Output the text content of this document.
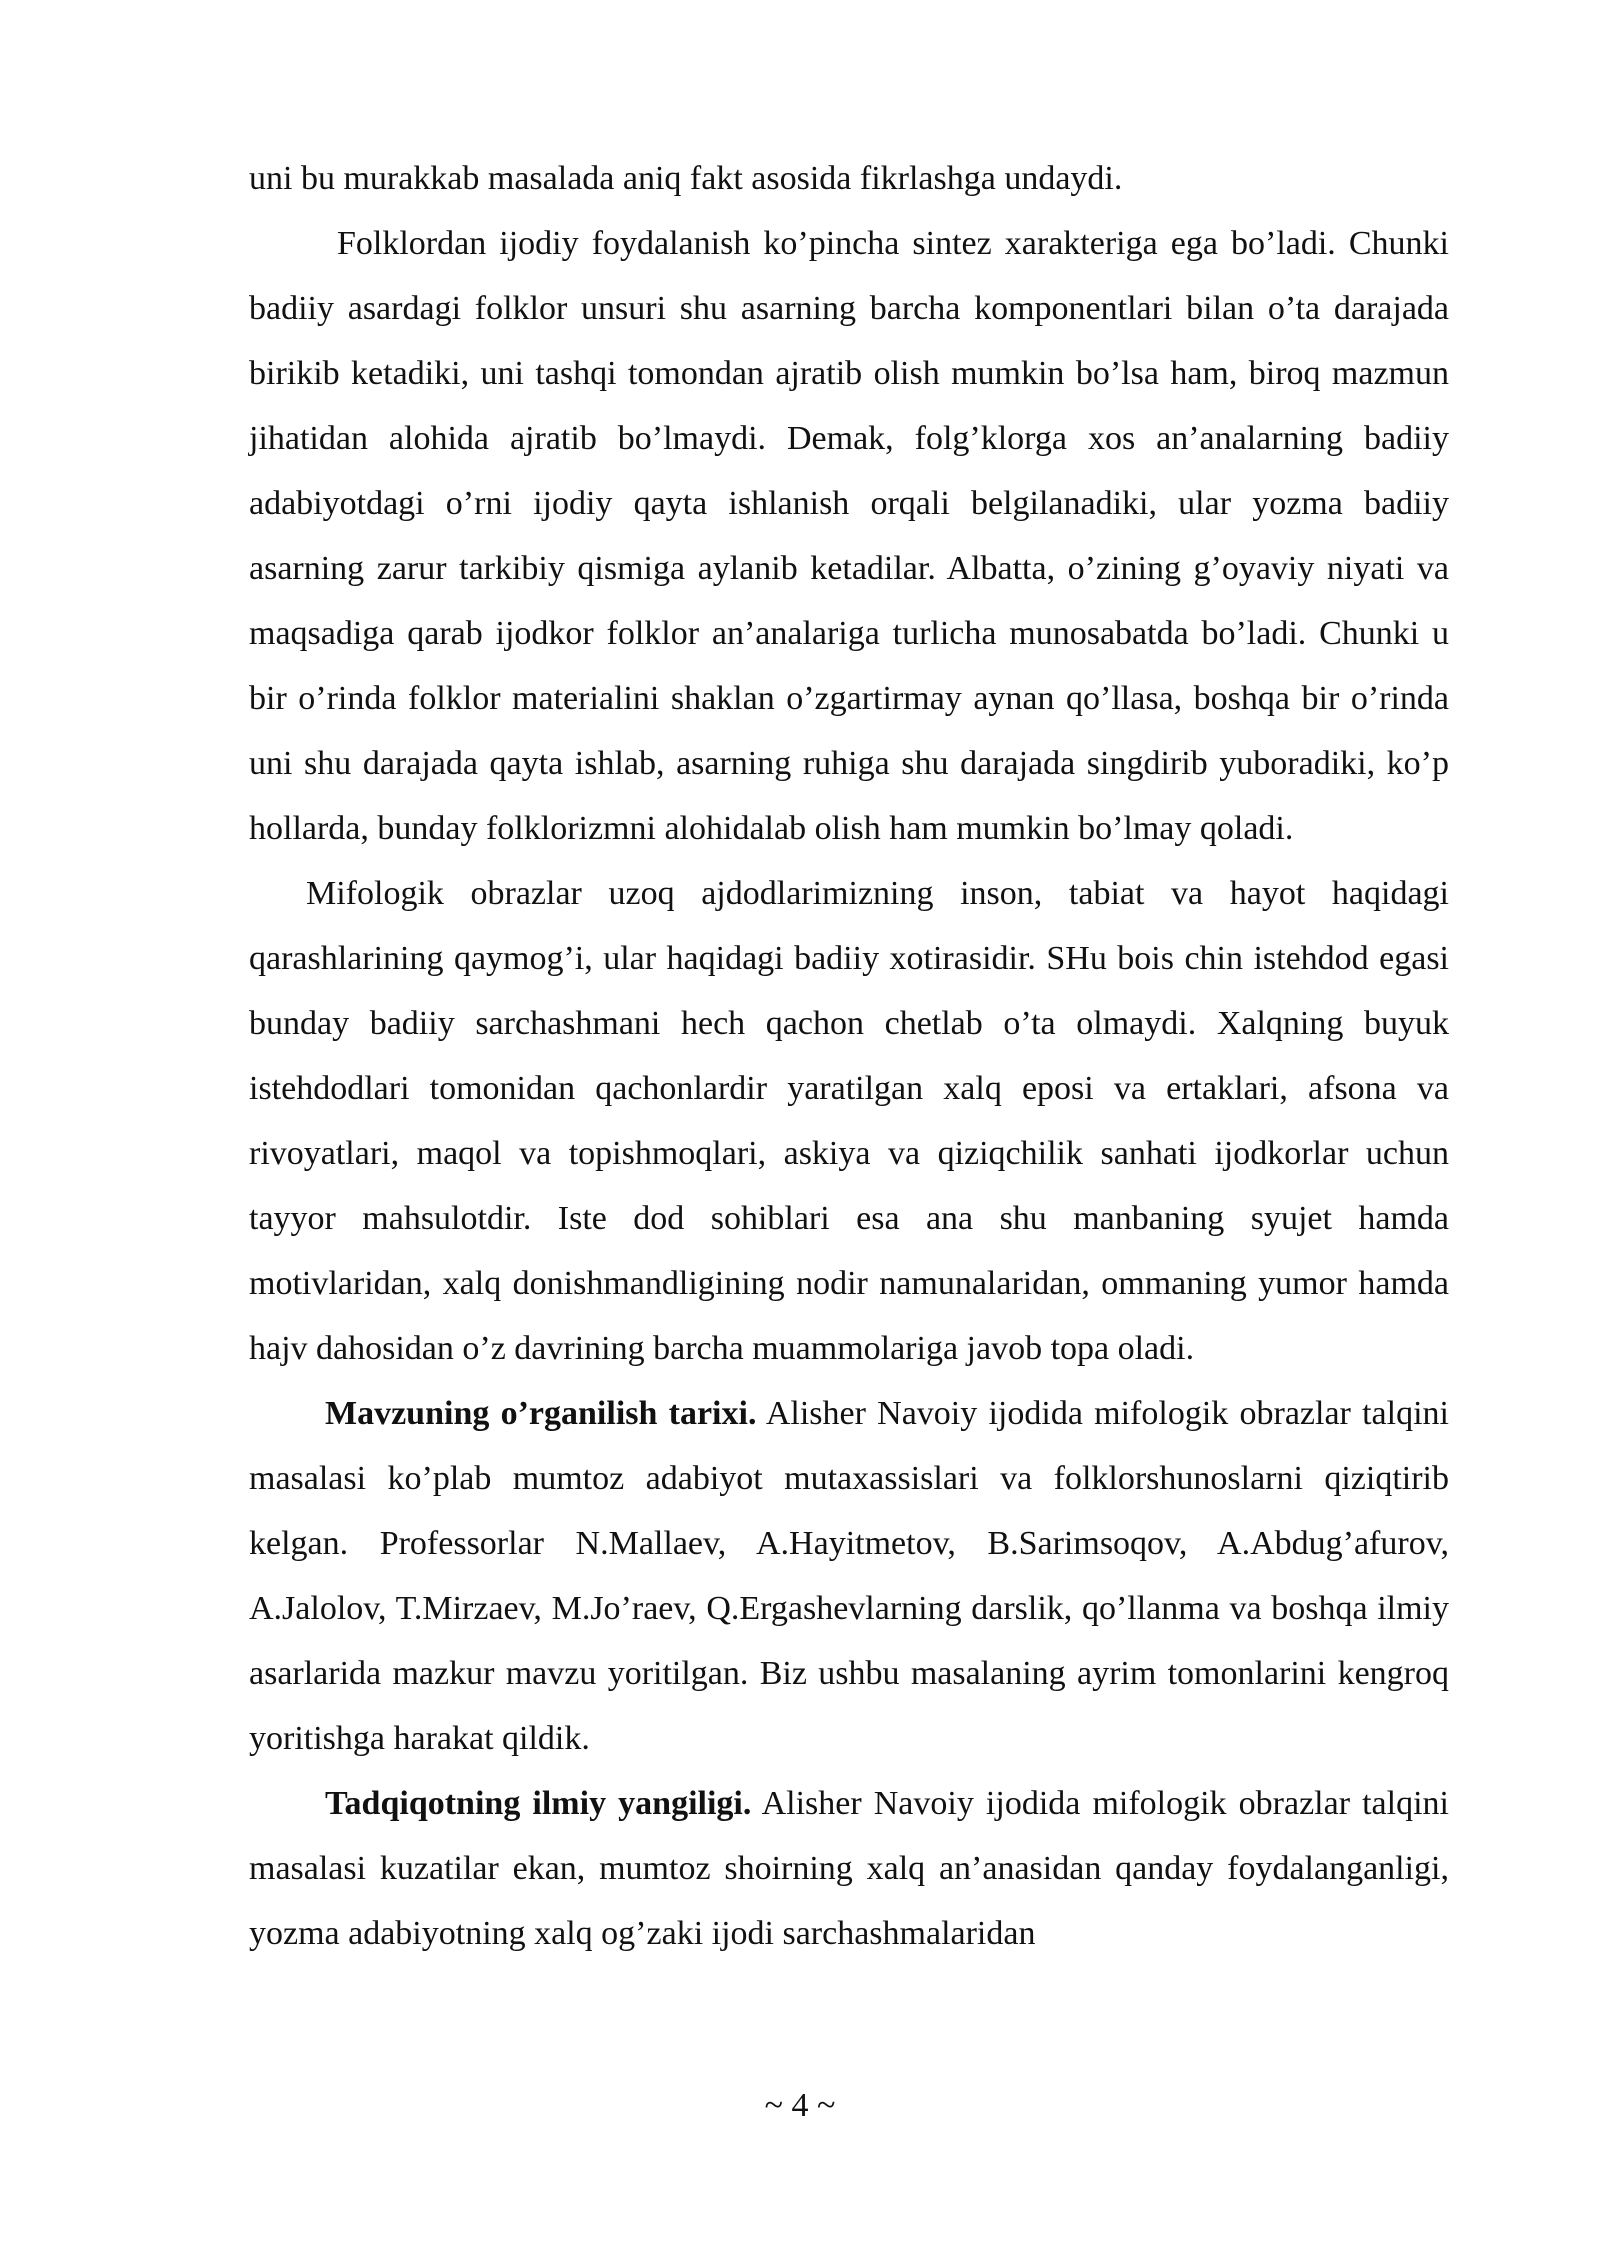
uni bu murakkab masalada aniq fakt asosida fikrlashga undaydi.

Folklordan ijodiy foydalanish ko’pincha sintez xarakteriga ega bo’ladi. Chunki badiiy asardagi folklor unsuri shu asarning barcha komponentlari bilan o’ta darajada birikib ketadiki, uni tashqi tomondan ajratib olish mumkin bo’lsa ham, biroq mazmun jihatidan alohida ajratib bo’lmaydi. Demak, folg’klorga xos an’analarning badiiy adabiyotdagi o’rni ijodiy qayta ishlanish orqali belgilanadiki, ular yozma badiiy asarning zarur tarkibiy qismiga aylanib ketadilar. Albatta, o’zining g’oyaviy niyati va maqsadiga qarab ijodkor folklor an’analariga turlicha munosabatda bo’ladi. Chunki u bir o’rinda folklor materialini shaklan o’zgartirmay aynan qo’llasa, boshqa bir o’rinda uni shu darajada qayta ishlab, asarning ruhiga shu darajada singdirib yuboradiki, ko’p hollarda, bunday folklorizmni alohidalab olish ham mumkin bo’lmay qoladi.

Mifologik obrazlar uzoq ajdodlarimizning inson, tabiat va hayot haqidagi qarashlarining qaymog’i, ular haqidagi badiiy xotirasidir. SHu bois chin istehdod egasi bunday badiiy sarchashmani hech qachon chetlab o’ta olmaydi. Xalqning buyuk istehdodlari tomonidan qachonlardir yaratilgan xalq eposi va ertaklari, afsona va rivoyatlari, maqol va topishmoqlari, askiya va qiziqchilik sanhati ijodkorlar uchun tayyor mahsulotdir. Iste dod sohiblari esa ana shu manbaning syujet hamda motivlaridan, xalq donishmandligining nodir namunalaridan, ommaning yumor hamda hajv dahosidan o’z davrining barcha muammolariga javob topa oladi.

Mavzuning o’rganilish tarixi. Alisher Navoiy ijodida mifologik obrazlar talqini masalasi ko’plab mumtoz adabiyot mutaxassislari va folklorshunoslarni qiziqtirib kelgan. Professorlar N.Mallaev, A.Hayitmetov, B.Sarimsoqov, A.Abdug’afurov, A.Jalolov, T.Mirzaev, M.Jo’raev, Q.Ergashevlarning darslik, qo’llanma va boshqa ilmiy asarlarida mazkur mavzu yoritilgan. Biz ushbu masalaning ayrim tomonlarini kengroq yoritishga harakat qildik.

Tadqiqotning ilmiy yangiligi. Alisher Navoiy ijodida mifologik obrazlar talqini masalasi kuzatilar ekan, mumtoz shoirning xalq an’anasidan qanday foydalanganligi, yozma adabiyotning xalq og’zaki ijodi sarchashmalaridan

~ 4 ~
